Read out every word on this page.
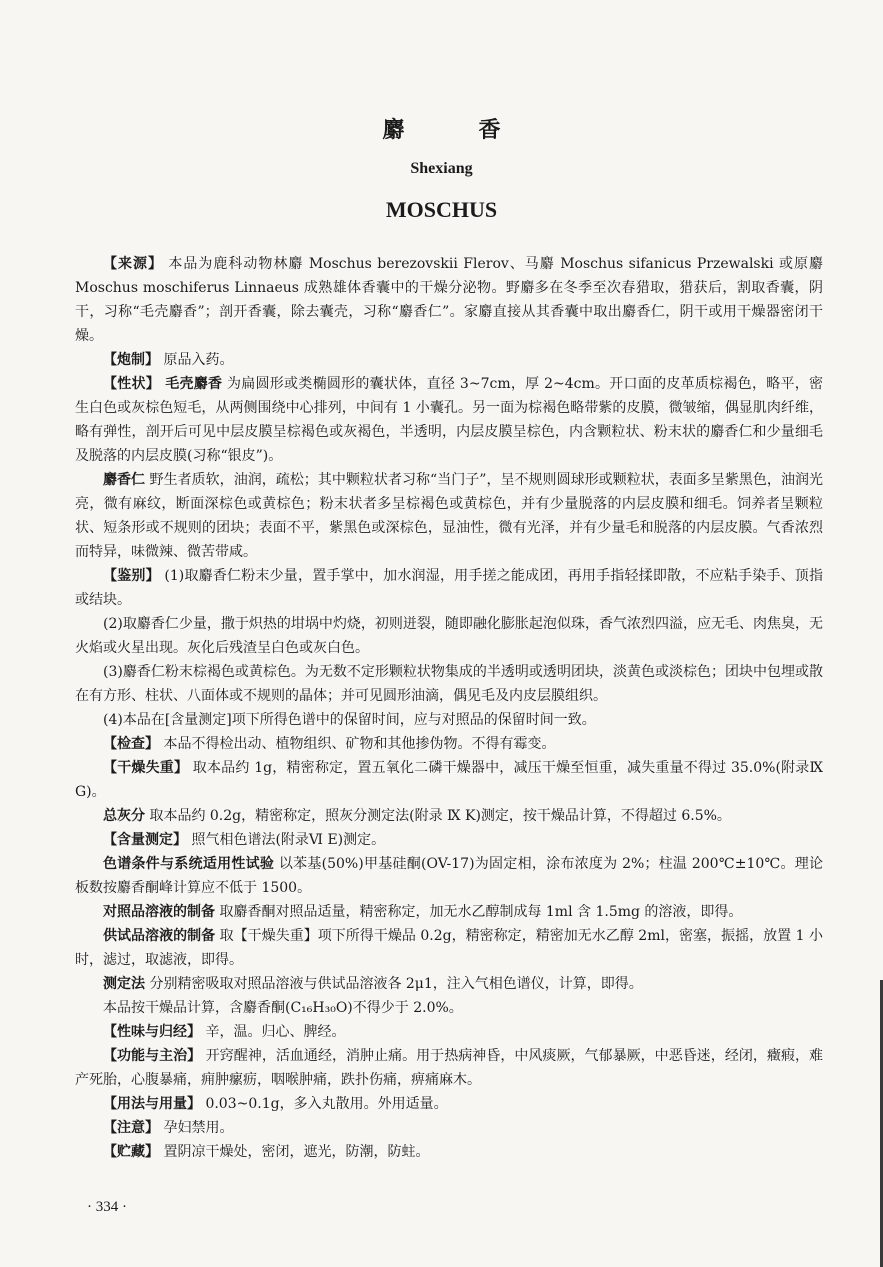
麝　香
Shexiang
MOSCHUS

【来源】 本品为鹿科动物林麝 Moschus berezovskii Flerov、马麝 Moschus sifanicus Przewalski 或原麝 Moschus moschiferus Linnaeus 成熟雄体香囊中的干燥分泌物。野麝多在冬季至次春猎取，猎获后，割取香囊，阴干，习称“毛壳麝香”；剖开香囊，除去囊壳，习称“麝香仁”。家麝直接从其香囊中取出麝香仁，阴干或用干燥器密闭干燥。

【炮制】 原品入药。

【性状】 毛壳麝香 为扁圆形或类椭圆形的囊状体，直径 3~7cm，厚 2~4cm。开口面的皮革质棕褐色，略平，密生白色或灰棕色短毛，从两侧围绕中心排列，中间有 1 小囊孔。另一面为棕褐色略带紫的皮膜，微皱缩，偶显肌肉纤维，略有弹性，剖开后可见中层皮膜呈棕褐色或灰褐色，半透明，内层皮膜呈棕色，内含颗粒状、粉末状的麝香仁和少量细毛及脱落的内层皮膜(习称“银皮”)。

麝香仁 野生者质软，油润，疏松；其中颗粒状者习称“当门子”，呈不规则圆球形或颗粒状，表面多呈紫黑色，油润光亮，微有麻纹，断面深棕色或黄棕色；粉末状者多呈棕褐色或黄棕色，并有少量脱落的内层皮膜和细毛。饲养者呈颗粒状、短条形或不规则的团块；表面不平，紫黑色或深棕色，显油性，微有光泽，并有少量毛和脱落的内层皮膜。气香浓烈而特异，味微辣、微苦带咸。

【鉴别】 (1)取麝香仁粉末少量，置手掌中，加水润湿，用手搓之能成团，再用手指轻揉即散，不应粘手染手、顶指或结块。

(2)取麝香仁少量，撒于炽热的坩埚中灼烧，初则迸裂，随即融化膨胀起泡似珠，香气浓烈四溢，应无毛、肉焦臭，无火焰或火星出现。灰化后残渣呈白色或灰白色。

(3)麝香仁粉末棕褐色或黄棕色。为无数不定形颗粒状物集成的半透明或透明团块，淡黄色或淡棕色；团块中包埋或散在有方形、柱状、八面体或不规则的晶体；并可见圆形油滴，偶见毛及内皮层膜组织。

(4)本品在[含量测定]项下所得色谱中的保留时间，应与对照品的保留时间一致。

【检查】 本品不得检出动、植物组织、矿物和其他掺伪物。不得有霉变。

【干燥失重】 取本品约 1g，精密称定，置五氧化二磷干燥器中，减压干燥至恒重，减失重量不得过 35.0%(附录Ⅸ G)。

总灰分 取本品约 0.2g，精密称定，照灰分测定法(附录 Ⅸ K)测定，按干燥品计算，不得超过 6.5%。

【含量测定】 照气相色谱法(附录Ⅵ E)测定。

色谱条件与系统适用性试验 以苯基(50%)甲基硅酮(OV-17)为固定相，涂布浓度为 2%；柱温 200℃±10℃。理论板数按麝香酮峰计算应不低于 1500。

对照品溶液的制备 取麝香酮对照品适量，精密称定，加无水乙醇制成每 1ml 含 1.5mg 的溶液，即得。

供试品溶液的制备 取【干燥失重】项下所得干燥品 0.2g，精密称定，精密加无水乙醇 2ml，密塞，振摇，放置 1 小时，滤过，取滤液，即得。

测定法 分别精密吸取对照品溶液与供试品溶液各 2μ1，注入气相色谱仪，计算，即得。

本品按干燥品计算，含麝香酮(C₁₆H₃₀O)不得少于 2.0%。

【性味与归经】 辛，温。归心、脾经。

【功能与主治】 开窍醒神，活血通经，消肿止痛。用于热病神昏，中风痰厥，气郁暴厥，中恶昏迷，经闭，癥瘕，难产死胎，心腹暴痛，痈肿瘰疬，咽喉肿痛，跌扑伤痛，痹痛麻木。

【用法与用量】 0.03~0.1g，多入丸散用。外用适量。

【注意】 孕妇禁用。

【贮藏】 置阴凉干燥处，密闭，遮光，防潮，防蛀。

· 334 ·
